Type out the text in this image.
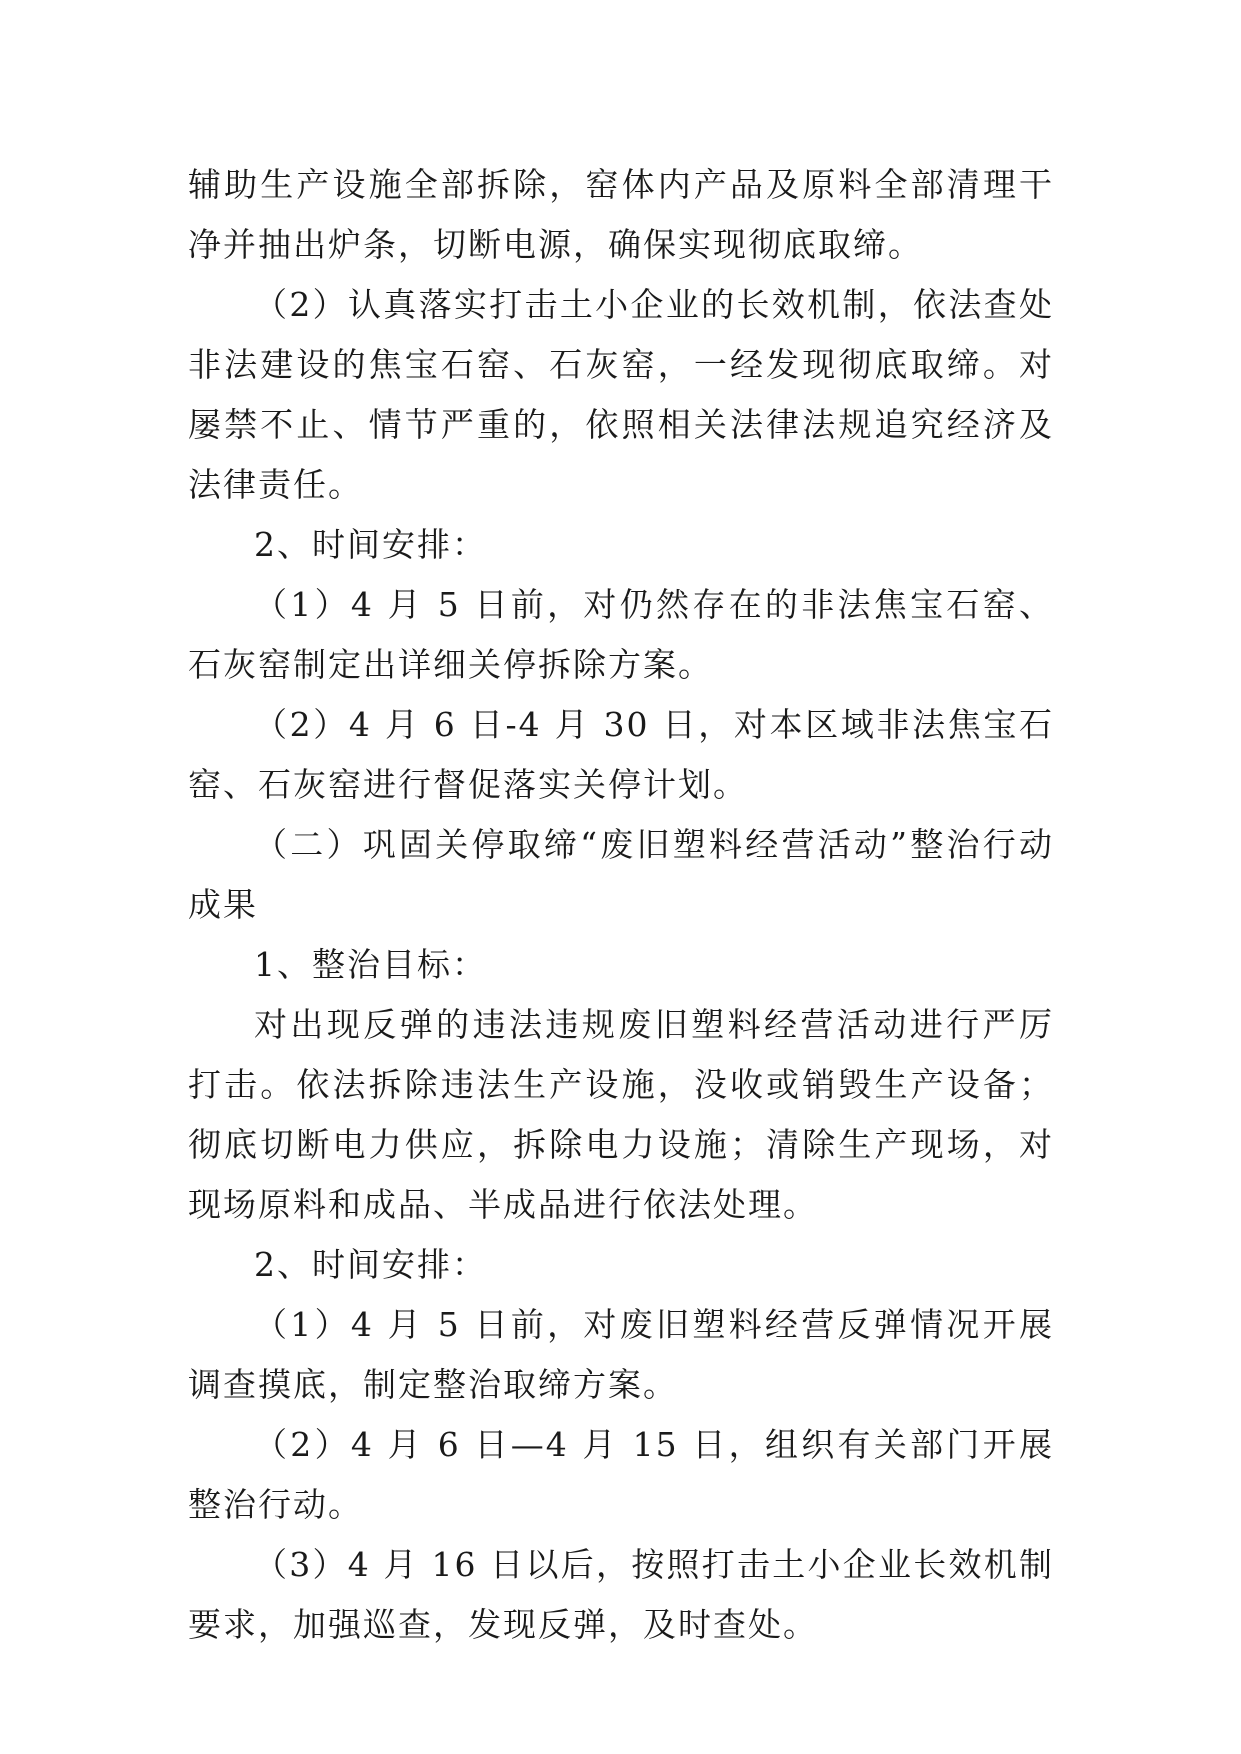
辅助生产设施全部拆除，窑体内产品及原料全部清理干净并抽出炉条，切断电源，确保实现彻底取缔。

（2）认真落实打击土小企业的长效机制，依法查处非法建设的焦宝石窑、石灰窑，一经发现彻底取缔。对屡禁不止、情节严重的，依照相关法律法规追究经济及法律责任。

2、时间安排：

（1）4 月 5 日前，对仍然存在的非法焦宝石窑、石灰窑制定出详细关停拆除方案。

（2）4 月 6 日-4 月 30 日，对本区域非法焦宝石窑、石灰窑进行督促落实关停计划。

（二）巩固关停取缔“废旧塑料经营活动”整治行动成果

1、整治目标：

对出现反弹的违法违规废旧塑料经营活动进行严厉打击。依法拆除违法生产设施，没收或销毁生产设备；彻底切断电力供应，拆除电力设施；清除生产现场，对现场原料和成品、半成品进行依法处理。

2、时间安排：

（1）4 月 5 日前，对废旧塑料经营反弹情况开展调查摸底，制定整治取缔方案。

（2）4 月 6 日—4 月 15 日，组织有关部门开展整治行动。

（3）4 月 16 日以后，按照打击土小企业长效机制要求，加强巡查，发现反弹，及时查处。
